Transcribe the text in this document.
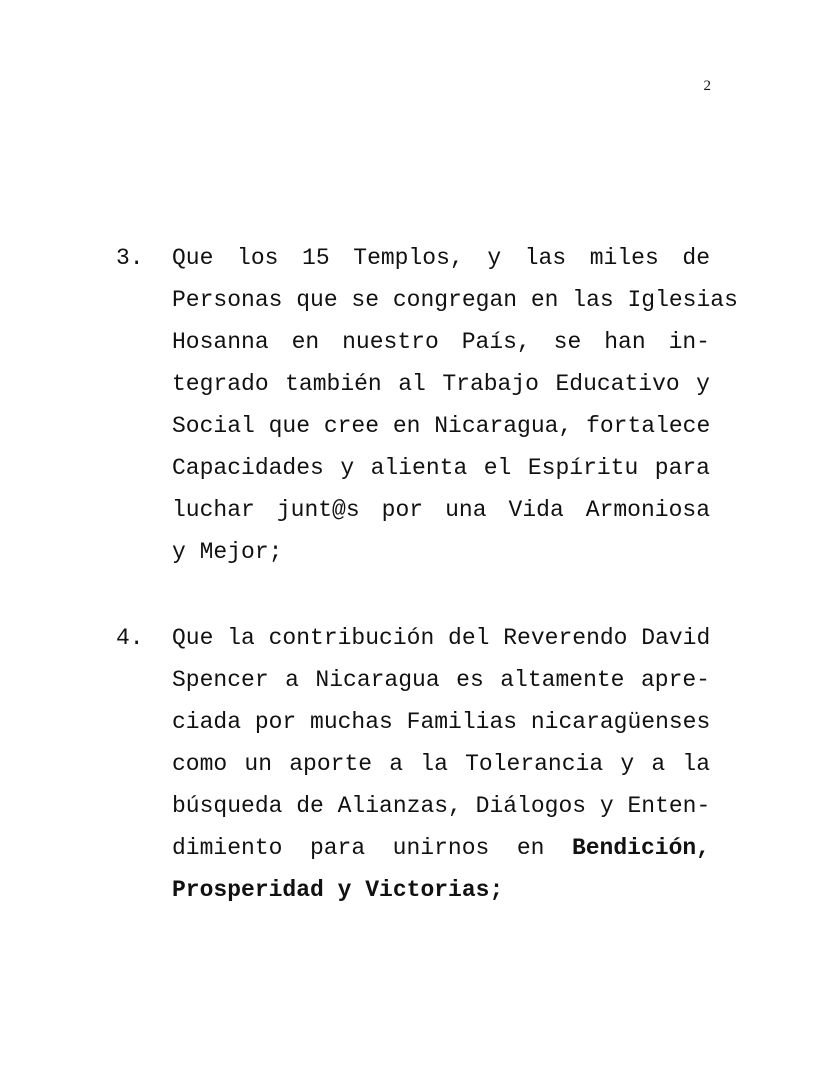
2
3. Que los 15 Templos, y las miles de
Personas que se congregan en las Iglesias
Hosanna en nuestro País, se han in-
tegrado también al Trabajo Educativo y
Social que cree en Nicaragua, fortalece
Capacidades y alienta el Espíritu para
luchar junt@s por una Vida Armoniosa
y Mejor;
4. Que la contribución del Reverendo David
Spencer a Nicaragua es altamente apre-
ciada por muchas Familias nicaragüenses
como un aporte a la Tolerancia y a la
búsqueda de Alianzas, Diálogos y Enten-
dimiento para unirnos en Bendición,
Prosperidad y Victorias;
